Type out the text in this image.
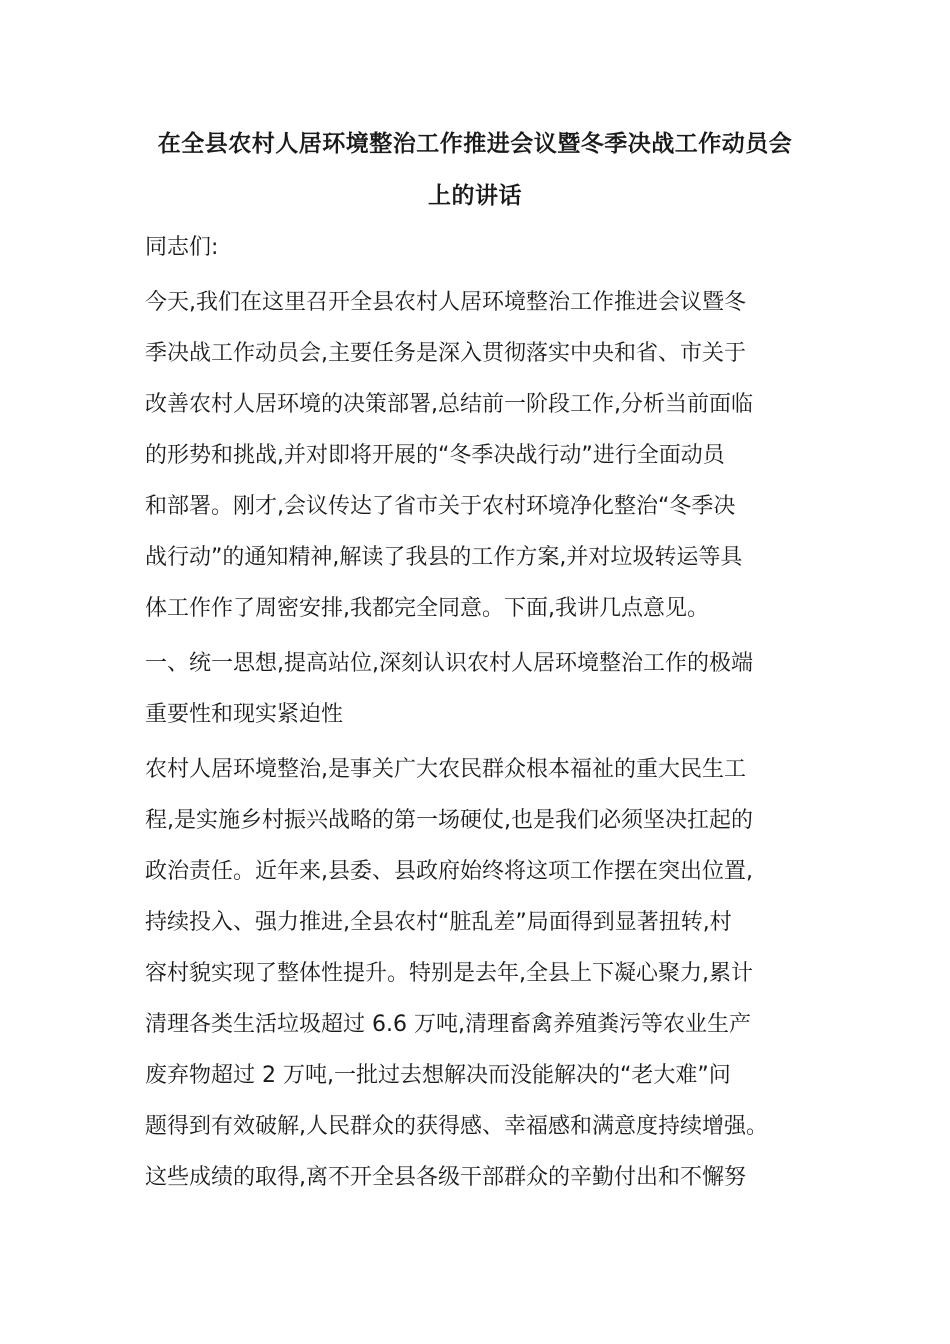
在全县农村人居环境整治工作推进会议暨冬季决战工作动员会
上的讲话

同志们:

今天,我们在这里召开全县农村人居环境整治工作推进会议暨冬
季决战工作动员会,主要任务是深入贯彻落实中央和省、市关于
改善农村人居环境的决策部署,总结前一阶段工作,分析当前面临
的形势和挑战,并对即将开展的“冬季决战行动”进行全面动员
和部署。刚才,会议传达了省市关于农村环境净化整治“冬季决
战行动”的通知精神,解读了我县的工作方案,并对垃圾转运等具
体工作作了周密安排,我都完全同意。下面,我讲几点意见。

一、统一思想,提高站位,深刻认识农村人居环境整治工作的极端
重要性和现实紧迫性

农村人居环境整治,是事关广大农民群众根本福祉的重大民生工
程,是实施乡村振兴战略的第一场硬仗,也是我们必须坚决扛起的
政治责任。近年来,县委、县政府始终将这项工作摆在突出位置,
持续投入、强力推进,全县农村“脏乱差”局面得到显著扭转,村
容村貌实现了整体性提升。特别是去年,全县上下凝心聚力,累计
清理各类生活垃圾超过 6.6 万吨,清理畜禽养殖粪污等农业生产
废弃物超过 2 万吨,一批过去想解决而没能解决的“老大难”问
题得到有效破解,人民群众的获得感、幸福感和满意度持续增强。
这些成绩的取得,离不开全县各级干部群众的辛勤付出和不懈努
